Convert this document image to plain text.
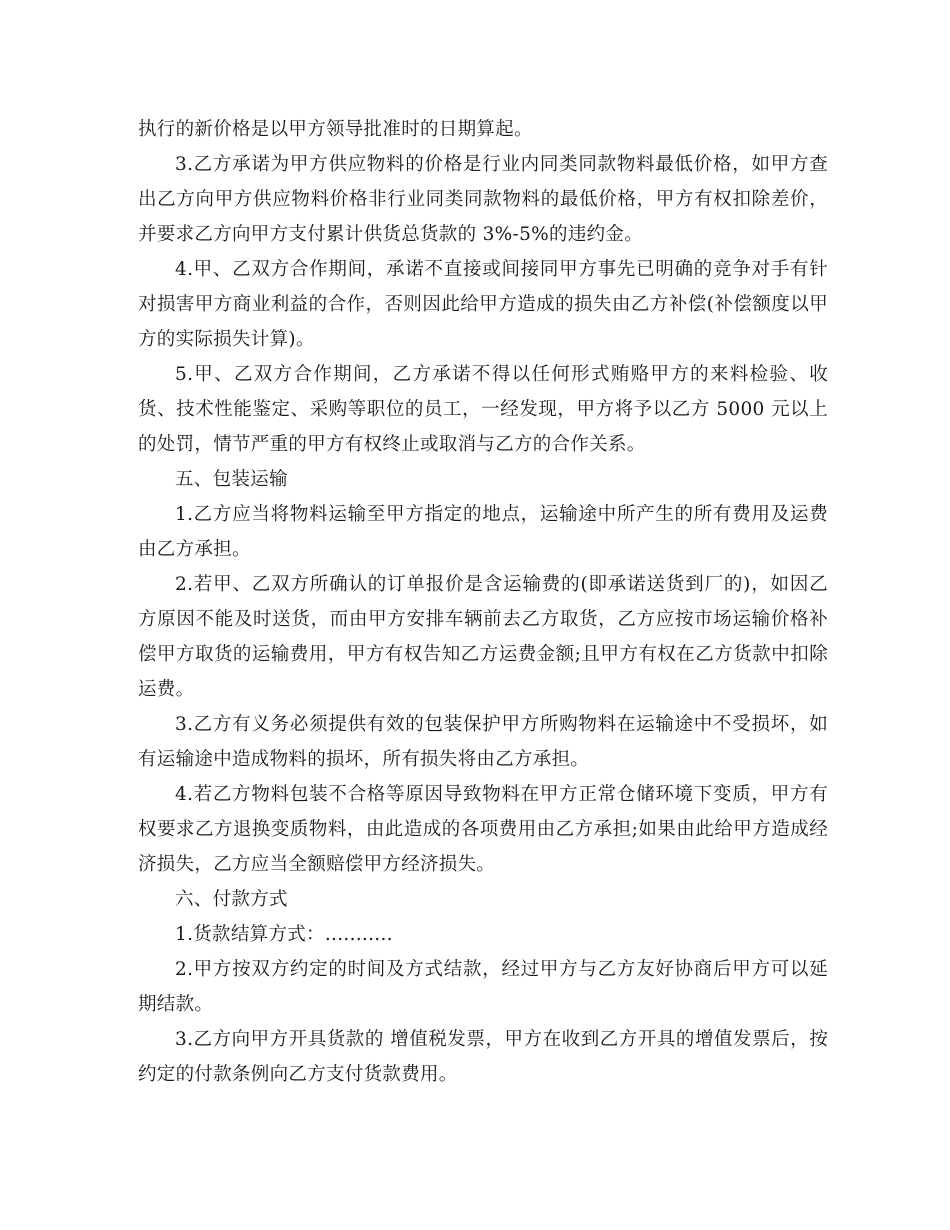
执行的新价格是以甲方领导批准时的日期算起。

3.乙方承诺为甲方供应物料的价格是行业内同类同款物料最低价格，如甲方查出乙方向甲方供应物料价格非行业同类同款物料的最低价格，甲方有权扣除差价，并要求乙方向甲方支付累计供货总货款的 3%-5%的违约金。

4.甲、乙双方合作期间，承诺不直接或间接同甲方事先已明确的竞争对手有针对损害甲方商业利益的合作，否则因此给甲方造成的损失由乙方补偿(补偿额度以甲方的实际损失计算)。

5.甲、乙双方合作期间，乙方承诺不得以任何形式贿赂甲方的来料检验、收货、技术性能鉴定、采购等职位的员工，一经发现，甲方将予以乙方 5000 元以上的处罚，情节严重的甲方有权终止或取消与乙方的合作关系。

五、包装运输

1.乙方应当将物料运输至甲方指定的地点，运输途中所产生的所有费用及运费由乙方承担。

2.若甲、乙双方所确认的订单报价是含运输费的(即承诺送货到厂的)，如因乙方原因不能及时送货，而由甲方安排车辆前去乙方取货，乙方应按市场运输价格补偿甲方取货的运输费用，甲方有权告知乙方运费金额;且甲方有权在乙方货款中扣除运费。

3.乙方有义务必须提供有效的包装保护甲方所购物料在运输途中不受损坏，如有运输途中造成物料的损坏，所有损失将由乙方承担。

4.若乙方物料包装不合格等原因导致物料在甲方正常仓储环境下变质，甲方有权要求乙方退换变质物料，由此造成的各项费用由乙方承担;如果由此给甲方造成经济损失，乙方应当全额赔偿甲方经济损失。

六、付款方式

1.货款结算方式：...........

2.甲方按双方约定的时间及方式结款，经过甲方与乙方友好协商后甲方可以延期结款。

3.乙方向甲方开具货款的 增值税发票，甲方在收到乙方开具的增值发票后，按约定的付款条例向乙方支付货款费用。
